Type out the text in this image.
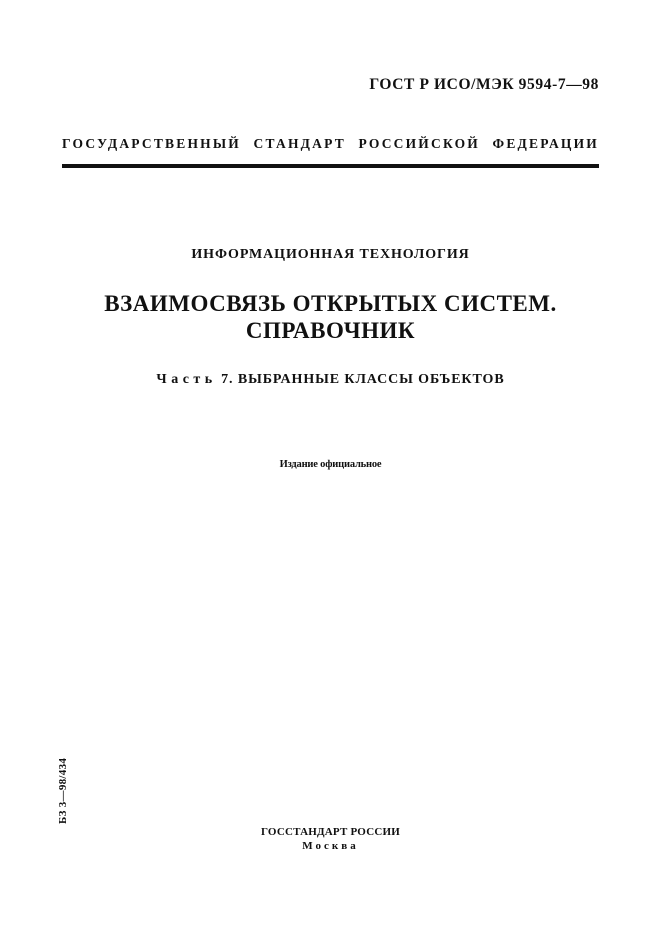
ГОСТ Р ИСО/МЭК 9594-7—98
ГОСУДАРСТВЕННЫЙ СТАНДАРТ РОССИЙСКОЙ ФЕДЕРАЦИИ
ИНФОРМАЦИОННАЯ ТЕХНОЛОГИЯ
ВЗАИМОСВЯЗЬ ОТКРЫТЫХ СИСТЕМ.
СПРАВОЧНИК
Часть 7. ВЫБРАННЫЕ КЛАССЫ ОБЪЕКТОВ
Издание официальное
БЗ 3—98/434
ГОССТАНДАРТ РОССИИ
Москва
